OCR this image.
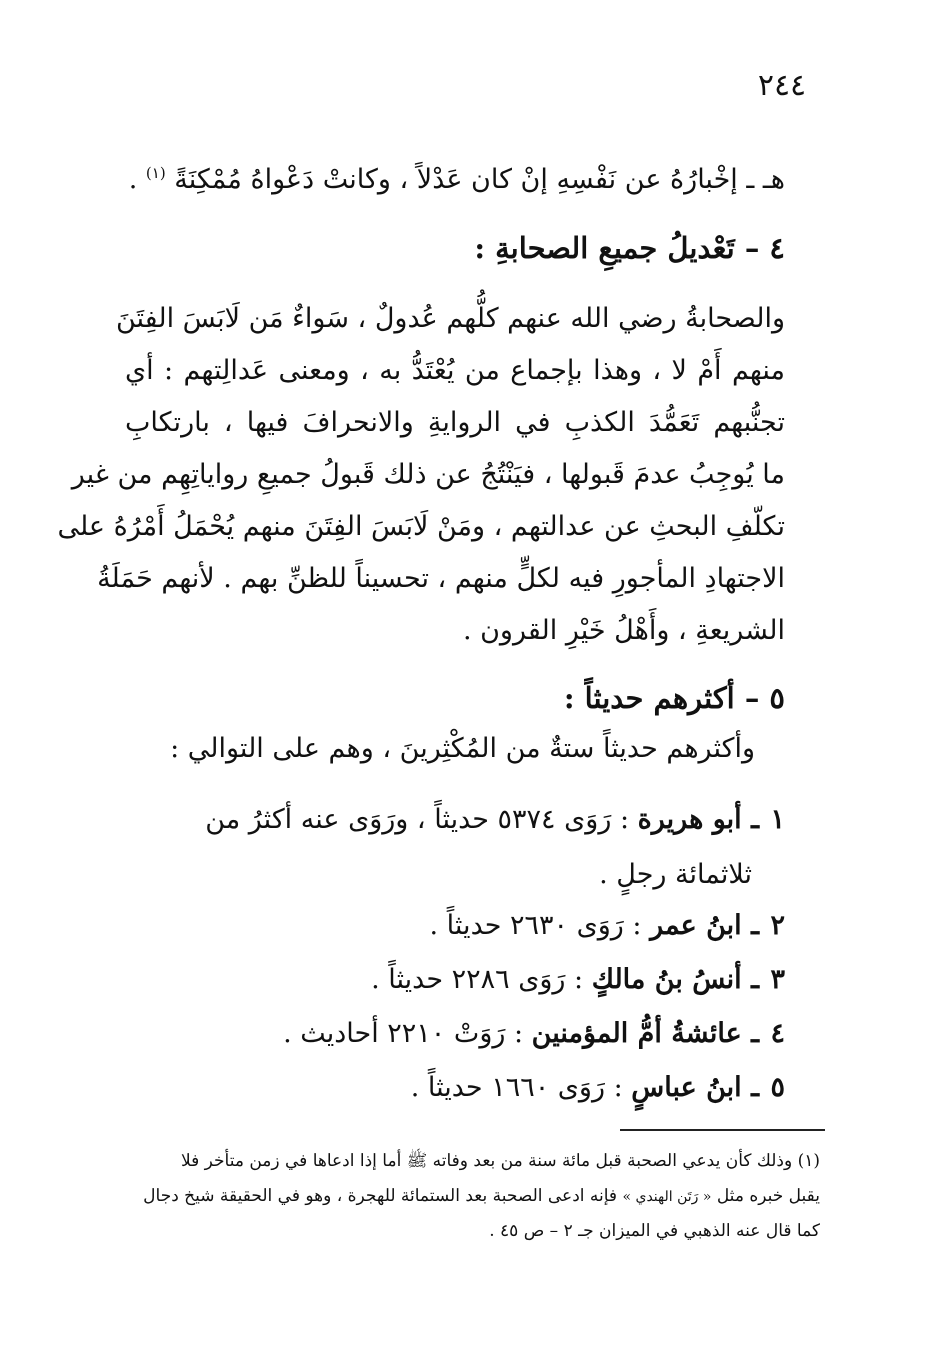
٢٤٤
هـ ـ إخْبارُهُ عن نَفْسِهِ إنْ كان عَدْلاً ، وكانتْ دَعْواهُ مُمْكِنَةً $^{(١)}$ .
٤ – تَعْديلُ جميعِ الصحابةِ :
والصحابةُ رضي الله عنهم كلُّهم عُدولٌ ، سَواءٌ مَن لَابَسَ الفِتَنَ
منهم أَمْ لا ، وهذا بإجماع من يُعْتَدُّ به ، ومعنى عَدالِتهم : أي
تجنُّبهم تَعَمُّدَ الكذبِ في الروايةِ والانحرافَ فيها ، بارتكابِ
ما يُوجِبُ عدمَ قَبولها ، فيَنْتُجُ عن ذلك قَبولُ جميعِ رواياتِهِم من غير
تكلّفِ البحثِ عن عدالتهم ، ومَنْ لَابَسَ الفِتَنَ منهم يُحْمَلُ أَمْرُهُ على
الاجتهادِ المأجورِ فيه لكلٍّ منهم ، تحسيناً للظنِّ بهم . لأنهم حَمَلَةُ
الشريعةِ ، وأَهْلُ خَيْرِ القرون .
٥ – أكثرهم حديثاً :
وأكثرهم حديثاً ستةٌ من المُكْثِرينَ ، وهم على التوالي :
١ـ أبو هريرة : رَوَى ٥٣٧٤ حديثاً ، ورَوَى عنه أكثرُ من
ثلاثمائة رجلٍ .
٢ـ ابنُ عمر : رَوَى ٢٦٣٠ حديثاً .
٣ـ أنسُ بنُ مالكٍ : رَوَى ٢٢٨٦ حديثاً .
٤ـ عائشةُ أمُّ المؤمنين : رَوَتْ ٢٢١٠ أحاديث .
٥ـ ابنُ عباسٍ : رَوَى ١٦٦٠ حديثاً .
(١) وذلك كأن يدعي الصحبة قبل مائة سنة من بعد وفاته ﷺ أما إذا ادعاها في زمن متأخر فلا
يقبل خبره مثل « رَتَن الهندي » فإنه ادعى الصحبة بعد الستمائة للهجرة ، وهو في الحقيقة شيخ دجال
كما قال عنه الذهبي في الميزان جـ ٢ – ص ٤٥ .
